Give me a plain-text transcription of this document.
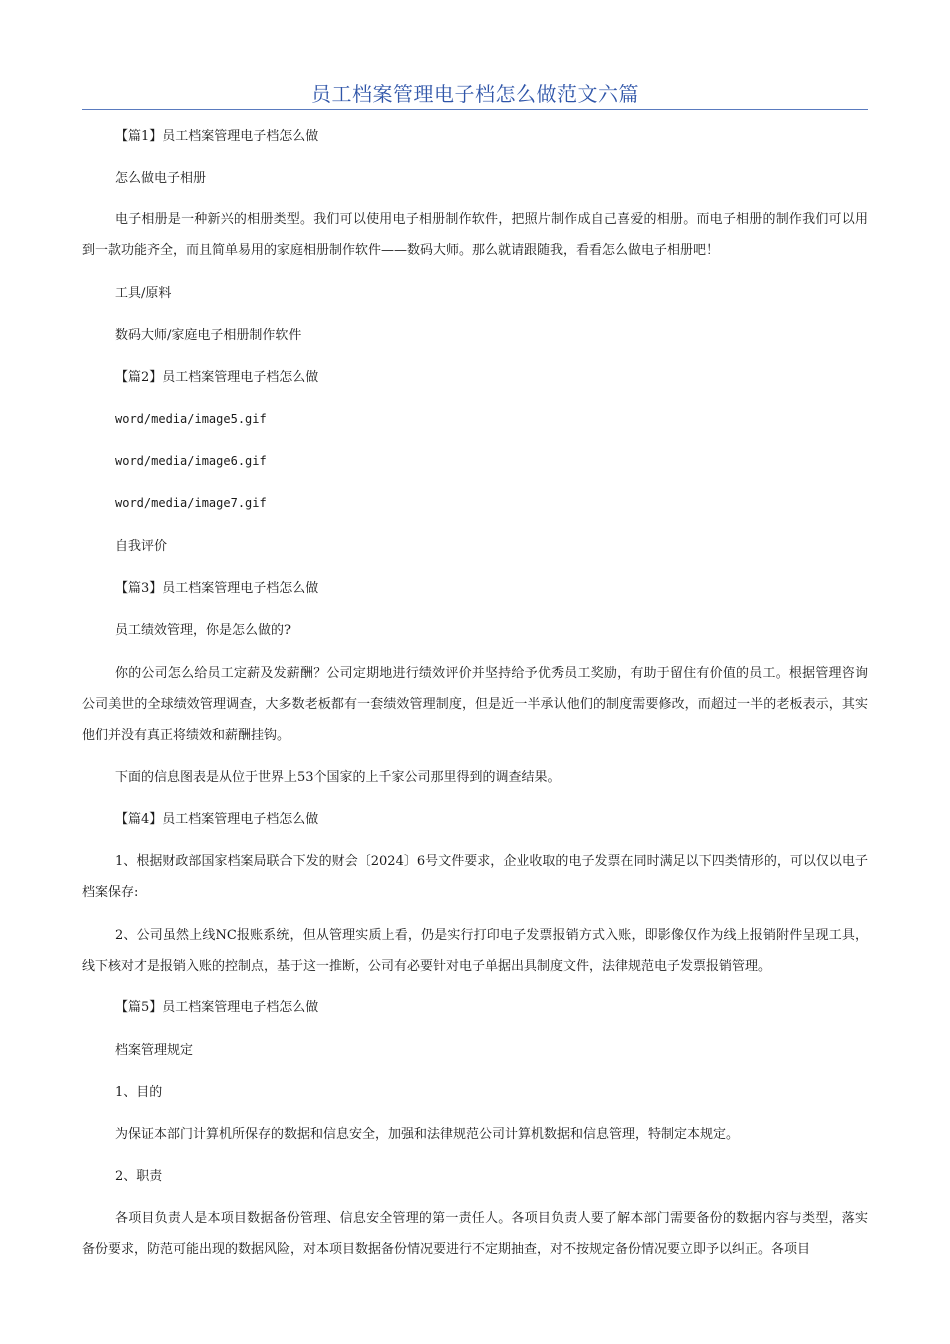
员工档案管理电子档怎么做范文六篇

【篇1】员工档案管理电子档怎么做

怎么做电子相册

电子相册是一种新兴的相册类型。我们可以使用电子相册制作软件，把照片制作成自己喜爱的相册。而电子相册的制作我们可以用到一款功能齐全，而且简单易用的家庭相册制作软件——数码大师。那么就请跟随我，看看怎么做电子相册吧！

工具/原料

数码大师/家庭电子相册制作软件

【篇2】员工档案管理电子档怎么做

word/media/image5.gif

word/media/image6.gif

word/media/image7.gif

自我评价

【篇3】员工档案管理电子档怎么做

员工绩效管理，你是怎么做的?

你的公司怎么给员工定薪及发薪酬？公司定期地进行绩效评价并坚持给予优秀员工奖励，有助于留住有价值的员工。根据管理咨询公司美世的全球绩效管理调查，大多数老板都有一套绩效管理制度，但是近一半承认他们的制度需要修改，而超过一半的老板表示，其实他们并没有真正将绩效和薪酬挂钩。

下面的信息图表是从位于世界上53个国家的上千家公司那里得到的调查结果。

【篇4】员工档案管理电子档怎么做

1、根据财政部国家档案局联合下发的财会〔2024〕6号文件要求，企业收取的电子发票在同时满足以下四类情形的，可以仅以电子档案保存:

2、公司虽然上线NC报账系统，但从管理实质上看，仍是实行打印电子发票报销方式入账，即影像仅作为线上报销附件呈现工具，线下核对才是报销入账的控制点，基于这一推断，公司有必要针对电子单据出具制度文件，法律规范电子发票报销管理。

【篇5】员工档案管理电子档怎么做

档案管理规定

1、目的

为保证本部门计算机所保存的数据和信息安全，加强和法律规范公司计算机数据和信息管理，特制定本规定。

2、职责

各项目负责人是本项目数据备份管理、信息安全管理的第一责任人。各项目负责人要了解本部门需要备份的数据内容与类型，落实备份要求，防范可能出现的数据风险，对本项目数据备份情况要进行不定期抽查，对不按规定备份情况要立即予以纠正。各项目
